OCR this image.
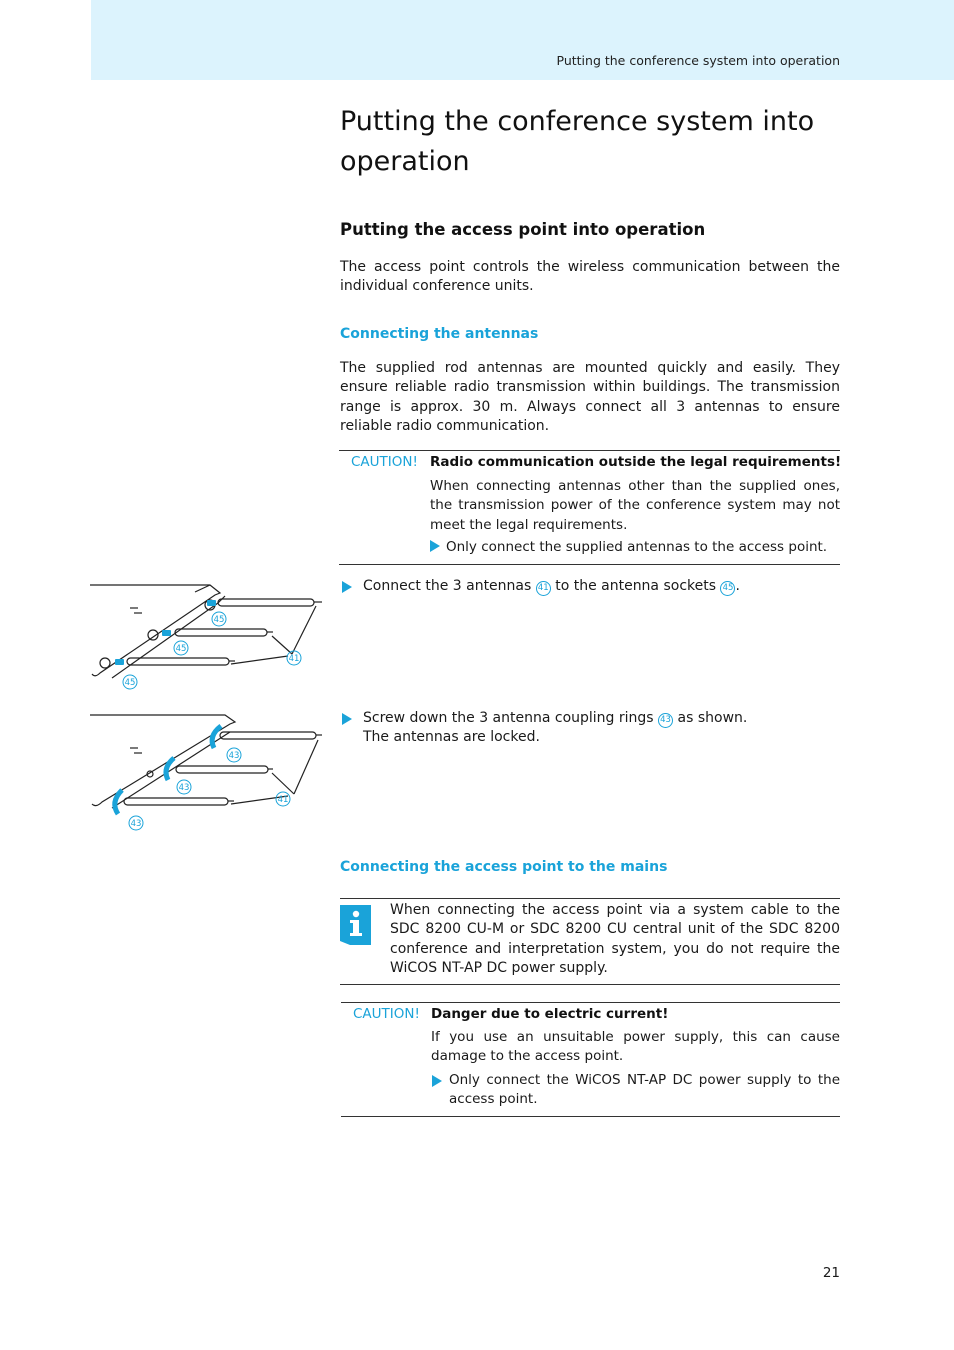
Putting the conference system into operation
Putting the conference system into operation
Putting the access point into operation

The access point controls the wireless communication between the individual conference units.

Connecting the antennas

The supplied rod antennas are mounted quickly and easily. They ensure reliable radio transmission within buildings. The transmission range is approx. 30 m. Always connect all 3 antennas to ensure reliable radio communication.

CAUTION! Radio communication outside the legal requirements!
When connecting antennas other than the supplied ones, the transmission power of the conference system may not meet the legal requirements.
Only connect the supplied antennas to the access point.
45
45
45
41
Connect the 3 antennas 41 to the antenna sockets 45 .
43
43
43
41
Screw down the 3 antenna coupling rings 43 as shown.
The antennas are locked.
Connecting the access point to the mains
When connecting the access point via a system cable to the SDC 8200 CU-M or SDC 8200 CU central unit of the SDC 8200 conference and interpretation system, you do not require the WiCOS NT-AP DC power supply.
CAUTION! Danger due to electric current!
If you use an unsuitable power supply, this can cause damage to the access point.
Only connect the WiCOS NT-AP DC power supply to the access point.
21
